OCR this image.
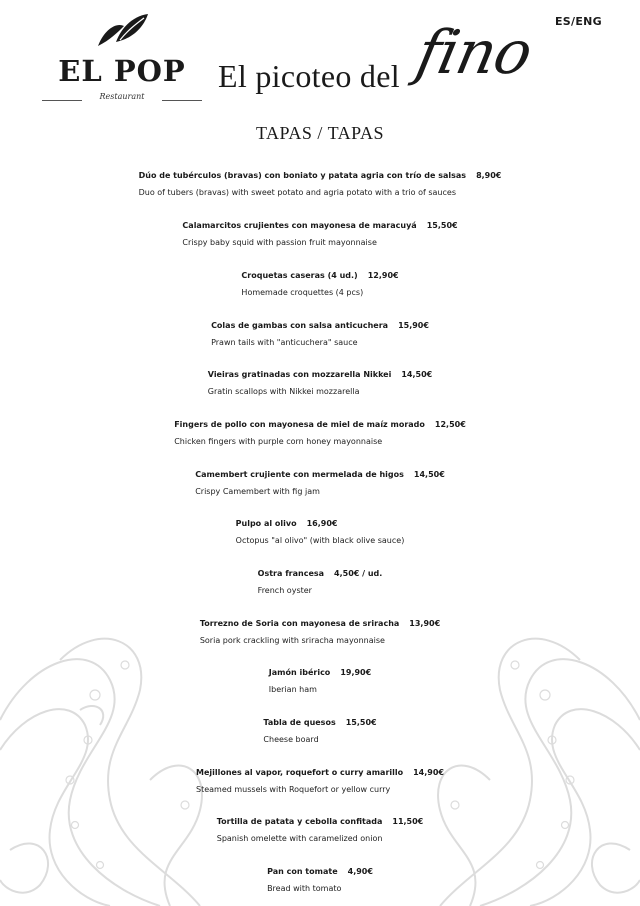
ES/ENG
EL POP
Restaurant
El picoteo del fino
TAPAS / TAPAS
Dúo de tubérculos (bravas) con boniato y patata agria con trío de salsas 8,90€
Duo of tubers (bravas) with sweet potato and agria potato with a trio of sauces
Calamarcitos crujientes con mayonesa de maracuyá 15,50€
Crispy baby squid with passion fruit mayonnaise
Croquetas caseras (4 ud.) 12,90€
Homemade croquettes (4 pcs)
Colas de gambas con salsa anticuchera 15,90€
Prawn tails with "anticuchera" sauce
Vieiras gratinadas con mozzarella Nikkei 14,50€
Gratin scallops with Nikkei mozzarella
Fingers de pollo con mayonesa de miel de maíz morado 12,50€
Chicken fingers with purple corn honey mayonnaise
Camembert crujiente con mermelada de higos 14,50€
Crispy Camembert with fig jam
Pulpo al olivo 16,90€
Octopus "al olivo" (with black olive sauce)
Ostra francesa 4,50€ / ud.
French oyster
Torrezno de Soria con mayonesa de sriracha 13,90€
Soria pork crackling with sriracha mayonnaise
Jamón ibérico 19,90€
Iberian ham
Tabla de quesos 15,50€
Cheese board
Mejillones al vapor, roquefort o curry amarillo 14,90€
Steamed mussels with Roquefort or yellow curry
Tortilla de patata y cebolla confitada 11,50€
Spanish omelette with caramelized onion
Pan con tomate 4,90€
Bread with tomato
